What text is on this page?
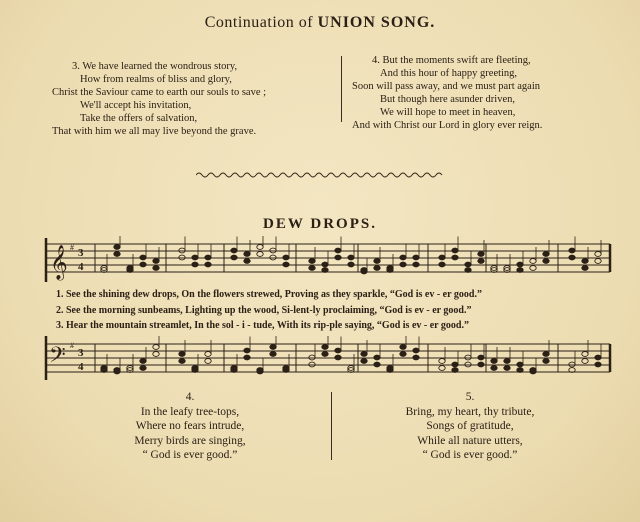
Continuation of UNION SONG.
3. We have learned the wondrous story,
How from realms of bliss and glory,
Christ the Saviour came to earth our souls to save ;
We'll accept his invitation,
Take the offers of salvation,
That with him we all may live beyond the grave.
4. But the moments swift are fleeting,
And this hour of happy greeting,
Soon will pass away, and we must part again
But though here asunder driven,
We will hope to meet in heaven,
And with Christ our Lord in glory ever reign.
DEW DROPS.
𝄞 # 3
4
1. See the shining dew drops, On the flowers strewed, Proving as they sparkle, “God is ev - er good.”
2. See the morning sunbeams, Lighting up the wood, Si-lent-ly proclaiming, “God is ev - er good.”
3. Hear the mountain streamlet, In the sol - i - tude, With its rip-ple saying, “God is ev - er good.”
𝄢 #
3
4
4.
In the leafy tree-tops,
Where no fears intrude,
Merry birds are singing,
“ God is ever good.”
5.
Bring, my heart, thy tribute,
Songs of gratitude,
While all nature utters,
“ God is ever good.”
